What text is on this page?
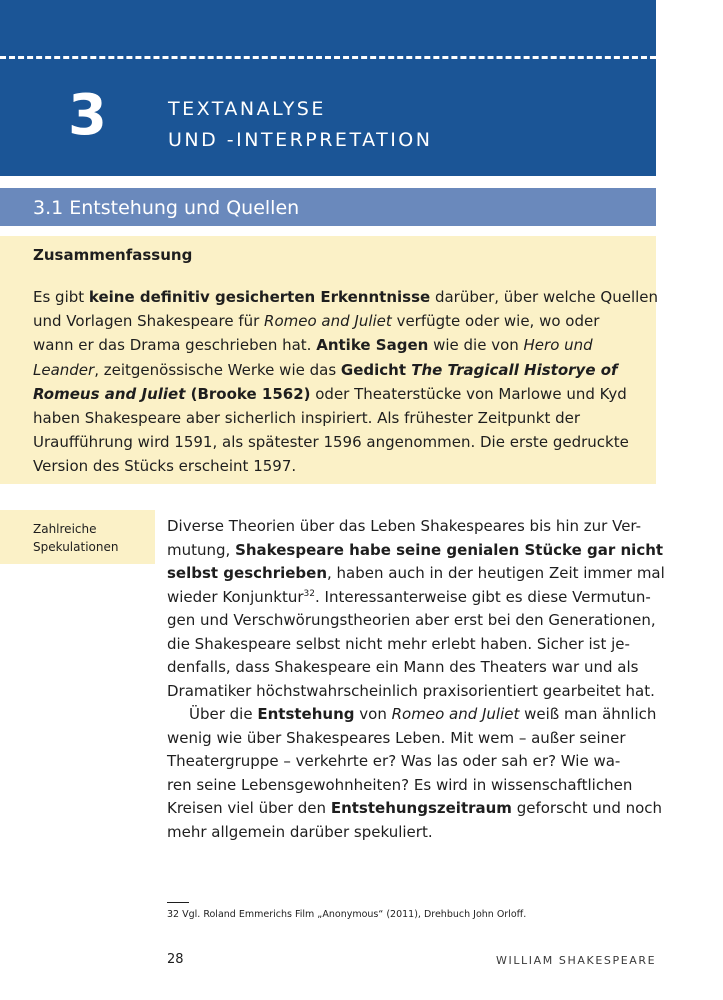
3	TEXTANALYSE
UND -INTERPRETATION
3.1 Entstehung und Quellen
Zusammenfassung
Es gibt keine definitiv gesicherten Erkenntnisse darüber, über welche Quellen
und Vorlagen Shakespeare für Romeo and Juliet verfügte oder wie, wo oder
wann er das Drama geschrieben hat. Antike Sagen wie die von Hero und
Leander, zeitgenössische Werke wie das Gedicht The Tragicall Historye of
Romeus and Juliet (Brooke 1562) oder Theaterstücke von Marlowe und Kyd
haben Shakespeare aber sicherlich inspiriert. Als frühester Zeitpunkt der
Uraufführung wird 1591, als spätester 1596 angenommen. Die erste gedruckte
Version des Stücks erscheint 1597.
Zahlreiche
Spekulationen
Diverse Theorien über das Leben Shakespeares bis hin zur Ver-
mutung, Shakespeare habe seine genialen Stücke gar nicht
selbst geschrieben, haben auch in der heutigen Zeit immer mal
wieder Konjunktur$^{32}$. Interessanterweise gibt es diese Vermutun-
gen und Verschwörungstheorien aber erst bei den Generationen,
die Shakespeare selbst nicht mehr erlebt haben. Sicher ist je-
denfalls, dass Shakespeare ein Mann des Theaters war und als
Dramatiker höchstwahrscheinlich praxisorientiert gearbeitet hat.
Über die Entstehung von Romeo and Juliet weiß man ähnlich
wenig wie über Shakespeares Leben. Mit wem – außer seiner
Theatergruppe – verkehrte er? Was las oder sah er? Wie wa-
ren seine Lebensgewohnheiten? Es wird in wissenschaftlichen
Kreisen viel über den Entstehungszeitraum geforscht und noch
mehr allgemein darüber spekuliert.
32 Vgl. Roland Emmerichs Film „Anonymous“ (2011), Drehbuch John Orloff.
28	WILLIAM SHAKESPEARE
